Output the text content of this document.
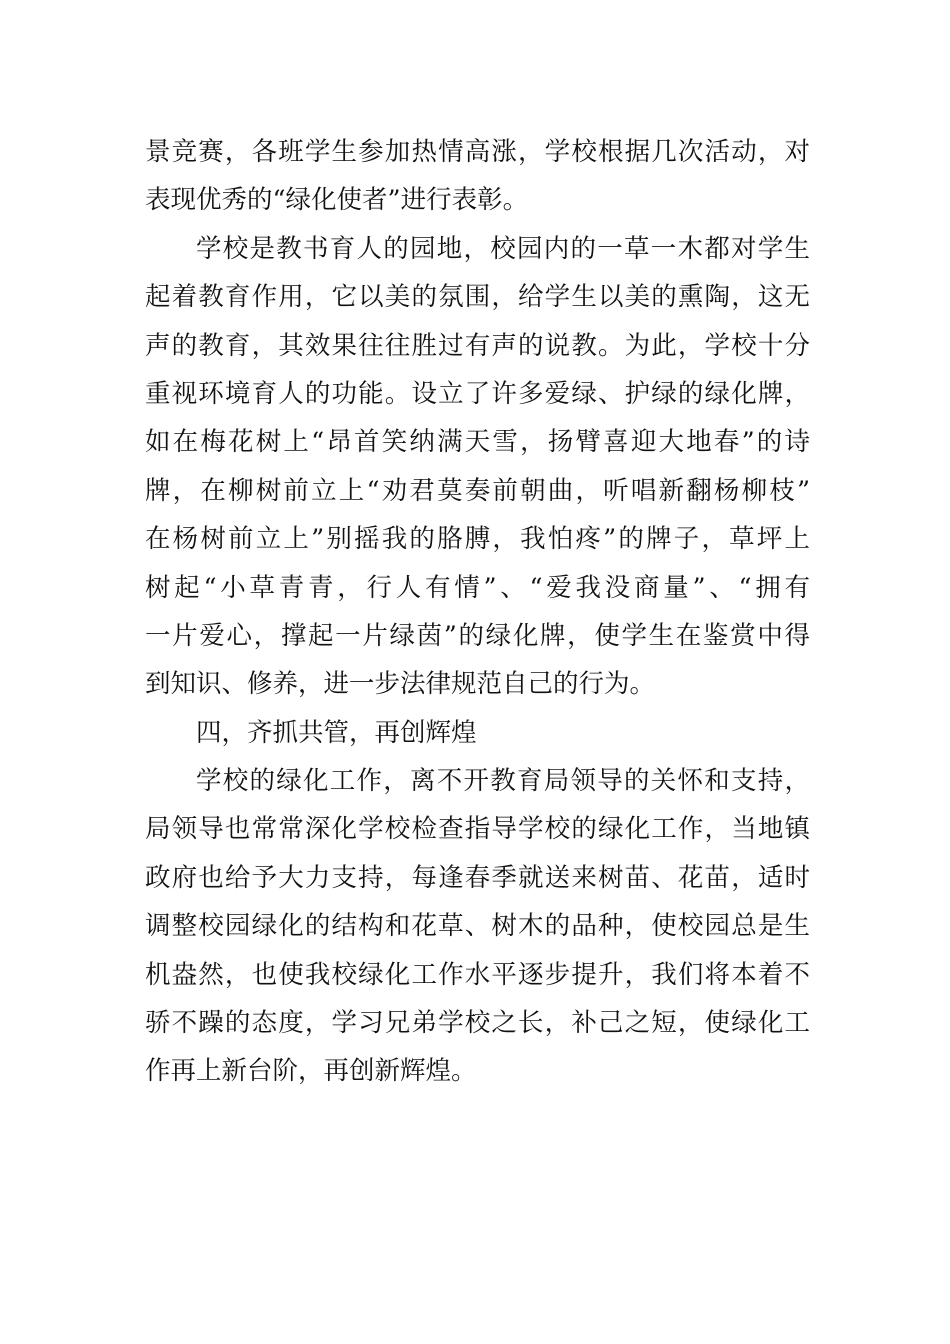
景竞赛，各班学生参加热情高涨，学校根据几次活动，对
表现优秀的“绿化使者”进行表彰。
学校是教书育人的园地，校园内的一草一木都对学生
起着教育作用，它以美的氛围，给学生以美的熏陶，这无
声的教育，其效果往往胜过有声的说教。为此，学校十分
重视环境育人的功能。设立了许多爱绿、护绿的绿化牌，
如在梅花树上“昂首笑纳满天雪，扬臂喜迎大地春”的诗
牌，在柳树前立上“劝君莫奏前朝曲，听唱新翻杨柳枝”
在杨树前立上”别摇我的胳膊，我怕疼”的牌子，草坪上
树起“小草青青，行人有情”、“爱我没商量”、“拥有
一片爱心，撑起一片绿茵”的绿化牌，使学生在鉴赏中得
到知识、修养，进一步法律规范自己的行为。
四，齐抓共管，再创辉煌
学校的绿化工作，离不开教育局领导的关怀和支持，
局领导也常常深化学校检查指导学校的绿化工作，当地镇
政府也给予大力支持，每逢春季就送来树苗、花苗，适时
调整校园绿化的结构和花草、树木的品种，使校园总是生
机盎然，也使我校绿化工作水平逐步提升，我们将本着不
骄不躁的态度，学习兄弟学校之长，补己之短，使绿化工
作再上新台阶，再创新辉煌。
